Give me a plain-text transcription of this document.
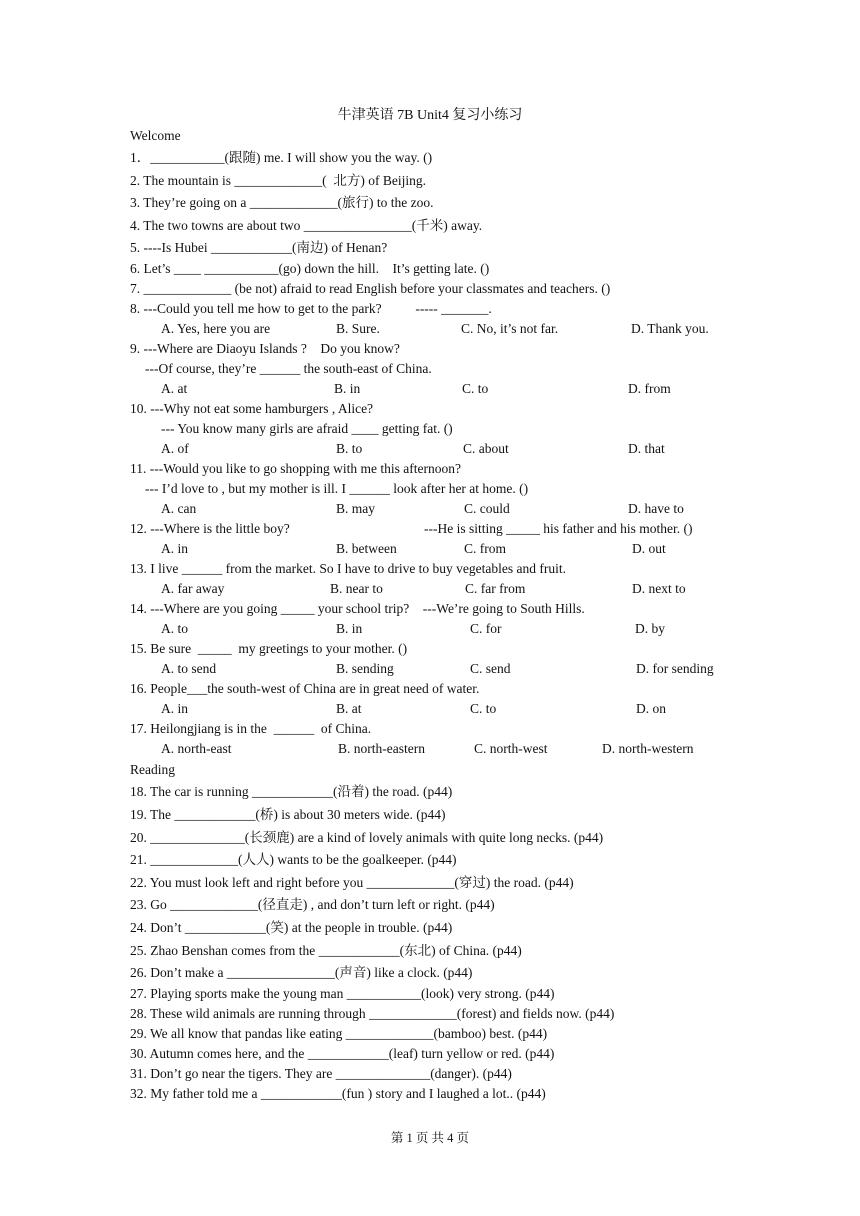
牛津英语 7B Unit4 复习小练习
Welcome
1．___________(跟随) me. I will show you the way. ()
2. The mountain is _____________(  北方) of Beijing.
3. They’re going on a _____________(旅行) to the zoo.
4. The two towns are about two ________________(千米) away.
5. ----Is Hubei ____________(南边) of Henan?
6. Let’s ____ ___________(go) down the hill.    It’s getting late. ()
7. _____________ (be not) afraid to read English before your classmates and teachers. ()
8. ---Could you tell me how to get to the park?          ----- _______.
A. Yes, here you are	B. Sure.	C. No, it’s not far.	D. Thank you.
9. ---Where are Diaoyu Islands ?    Do you know?
---Of course, they’re ______ the south-east of China.
A. at	B. in	C. to	D. from
10. ---Why not eat some hamburgers , Alice?
--- You know many girls are afraid ____ getting fat. ()
A. of	B. to	C. about	D. that
11. ---Would you like to go shopping with me this afternoon?
--- I’d love to , but my mother is ill. I ______ look after her at home. ()
A. can	B. may	C. could	D. have to
12. ---Where is the little boy?	---He is sitting _____ his father and his mother. ()
A. in	B. between	C. from	D. out
13. I live ______ from the market. So I have to drive to buy vegetables and fruit.
A. far away	B. near to	C. far from	D. next to
14. ---Where are you going _____ your school trip?    ---We’re going to South Hills.
A. to	B. in	C. for	D. by
15. Be sure  _____  my greetings to your mother. ()
A. to send	B. sending	C. send	D. for sending
16. People___the south-west of China are in great need of water.
A. in	B. at	C. to	D. on
17. Heilongjiang is in the  ______  of China.
A. north-east	B. north-eastern	C. north-west	D. north-western
Reading
18. The car is running ____________(沿着) the road. (p44)
19. The ____________(桥) is about 30 meters wide. (p44)
20. ______________(长颈鹿) are a kind of lovely animals with quite long necks. (p44)
21. _____________(人人) wants to be the goalkeeper. (p44)
22. You must look left and right before you _____________(穿过) the road. (p44)
23. Go _____________(径直走) , and don’t turn left or right. (p44)
24. Don’t ____________(笑) at the people in trouble. (p44)
25. Zhao Benshan comes from the ____________(东北) of China. (p44)
26. Don’t make a ________________(声音) like a clock. (p44)
27. Playing sports make the young man ___________(look) very strong. (p44)
28. These wild animals are running through _____________(forest) and fields now. (p44)
29. We all know that pandas like eating _____________(bamboo) best. (p44)
30. Autumn comes here, and the ____________(leaf) turn yellow or red. (p44)
31. Don’t go near the tigers. They are ______________(danger). (p44)
32. My father told me a ____________(fun ) story and I laughed a lot.. (p44)
第 1 页 共 4 页
